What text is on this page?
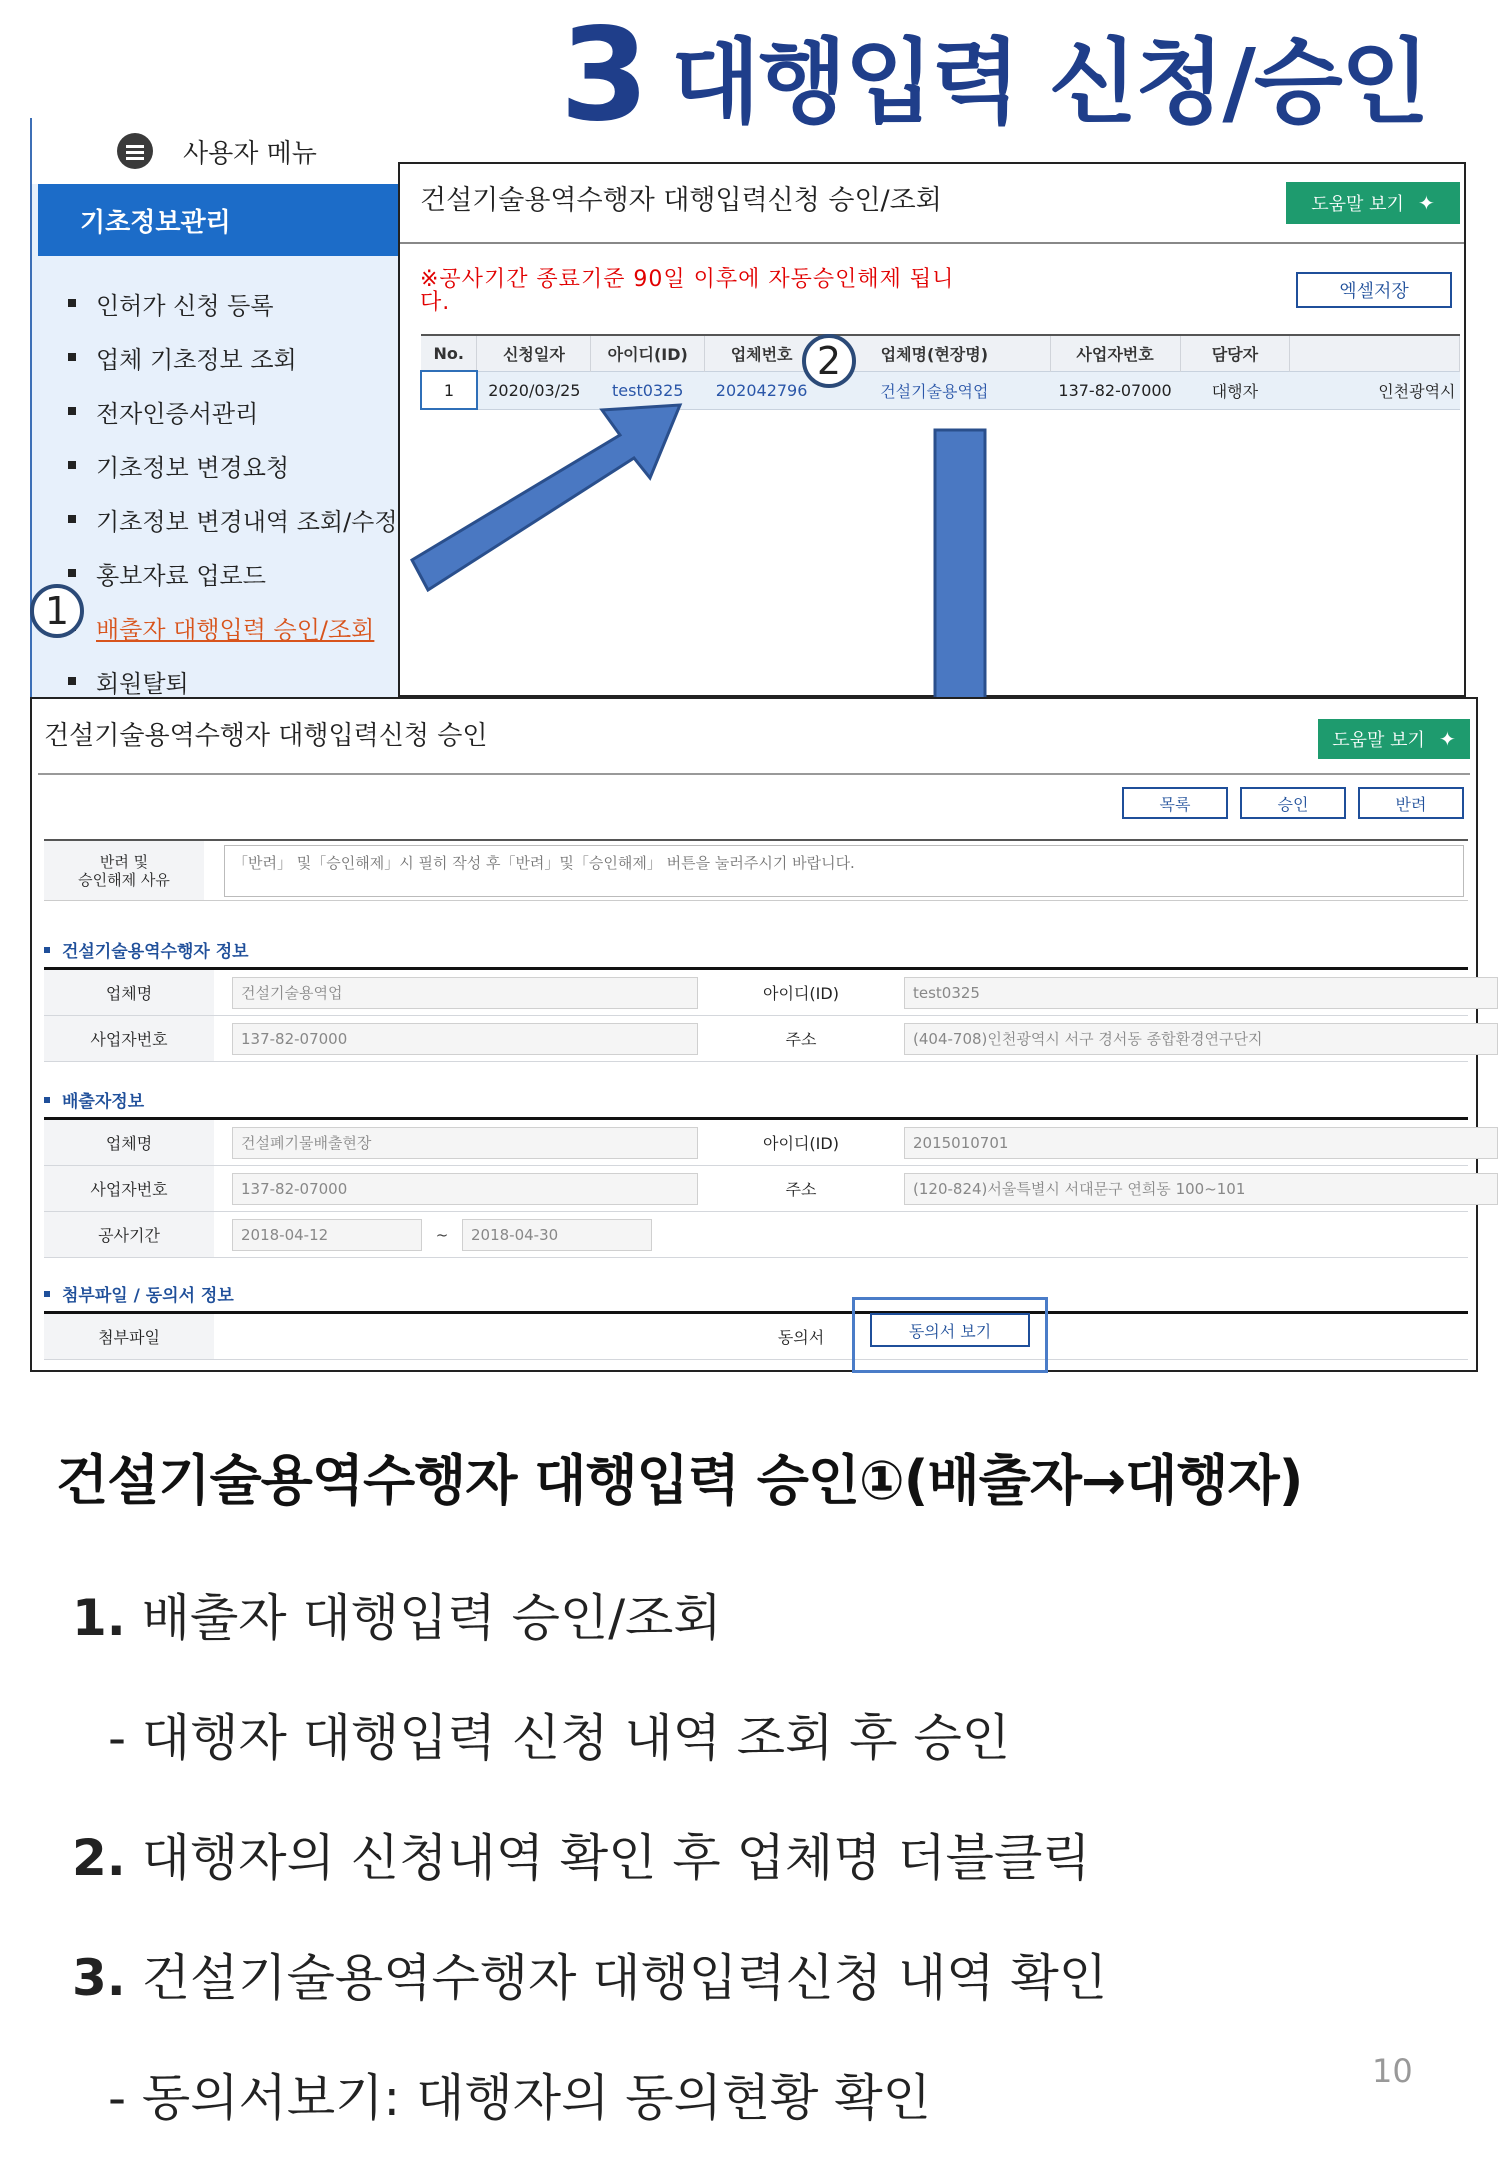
3 대행입력 신청/승인
사용자 메뉴
기초정보관리
인허가 신청 등록
업체 기초정보 조회
전자인증서관리
기초정보 변경요청
기초정보 변경내역 조회/수정
홍보자료 업로드
배출자 대행입력 승인/조회
회원탈퇴
1
건설기술용역수행자 대행입력신청 승인/조회	도움말 보기 ✦
※공사기간 종료기준 90일 이후에 자동승인해제 됩니다.	엑셀저장
No.	신청일자	아이디(ID)	업체번호	업체명(현장명)	사업자번호	담당자	
1	2020/03/25	test0325	202042796	건설기술용역업	137-82-07000	대행자	인천광역시
2
건설기술용역수행자 대행입력신청 승인	도움말 보기 ✦
목록	승인	반려
반려 및
승인해제 사유
「반려」 및「승인해제」시 필히 작성 후「반려」및「승인해제」 버튼을 눌러주시기 바랍니다.
건설기술용역수행자 정보
업체명	건설기술용역업	아이디(ID)	test0325
사업자번호	137-82-07000	주소	(404-708)인천광역시 서구 경서동 종합환경연구단지
배출자정보
업체명	건설폐기물배출현장	아이디(ID)	2015010701
사업자번호	137-82-07000	주소	(120-824)서울특별시 서대문구 연희동 100~101
공사기간	2018-04-12	~	2018-04-30
첨부파일 / 동의서 정보
첨부파일	동의서	동의서 보기
건설기술용역수행자 대행입력 승인①(배출자→대행자)
1. 배출자 대행입력 승인/조회
- 대행자 대행입력 신청 내역 조회 후 승인
2. 대행자의 신청내역 확인 후 업체명 더블클릭
3. 건설기술용역수행자 대행입력신청 내역 확인
- 동의서보기: 대행자의 동의현황 확인	10
